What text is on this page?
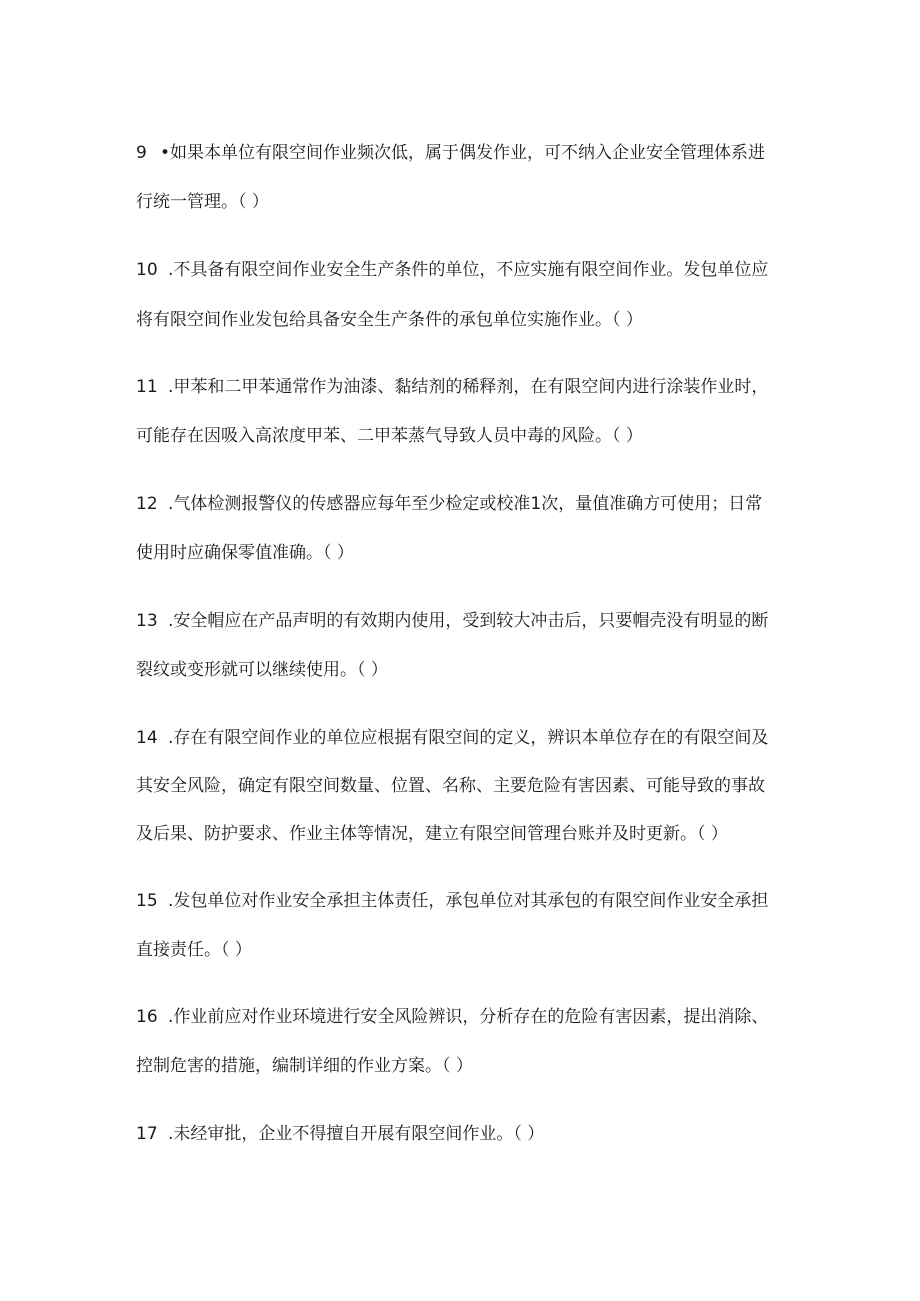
9 •如果本单位有限空间作业频次低，属于偶发作业，可不纳入企业安全管理体系进
行统一管理。（ ）
10 .不具备有限空间作业安全生产条件的单位，不应实施有限空间作业。发包单位应
将有限空间作业发包给具备安全生产条件的承包单位实施作业。（ ）
11 .甲苯和二甲苯通常作为油漆、黏结剂的稀释剂，在有限空间内进行涂装作业时，
可能存在因吸入高浓度甲苯、二甲苯蒸气导致人员中毒的风险。（ ）
12 .气体检测报警仪的传感器应每年至少检定或校准1次，量值准确方可使用；日常
使用时应确保零值准确。（ ）
13 .安全帽应在产品声明的有效期内使用，受到较大冲击后，只要帽壳没有明显的断
裂纹或变形就可以继续使用。（ ）
14 .存在有限空间作业的单位应根据有限空间的定义，辨识本单位存在的有限空间及
其安全风险，确定有限空间数量、位置、名称、主要危险有害因素、可能导致的事故
及后果、防护要求、作业主体等情况，建立有限空间管理台账并及时更新。（ ）
15 .发包单位对作业安全承担主体责任，承包单位对其承包的有限空间作业安全承担
直接责任。（ ）
16 .作业前应对作业环境进行安全风险辨识，分析存在的危险有害因素，提出消除、
控制危害的措施，编制详细的作业方案。（ ）
17 .未经审批，企业不得擅自开展有限空间作业。（ ）
